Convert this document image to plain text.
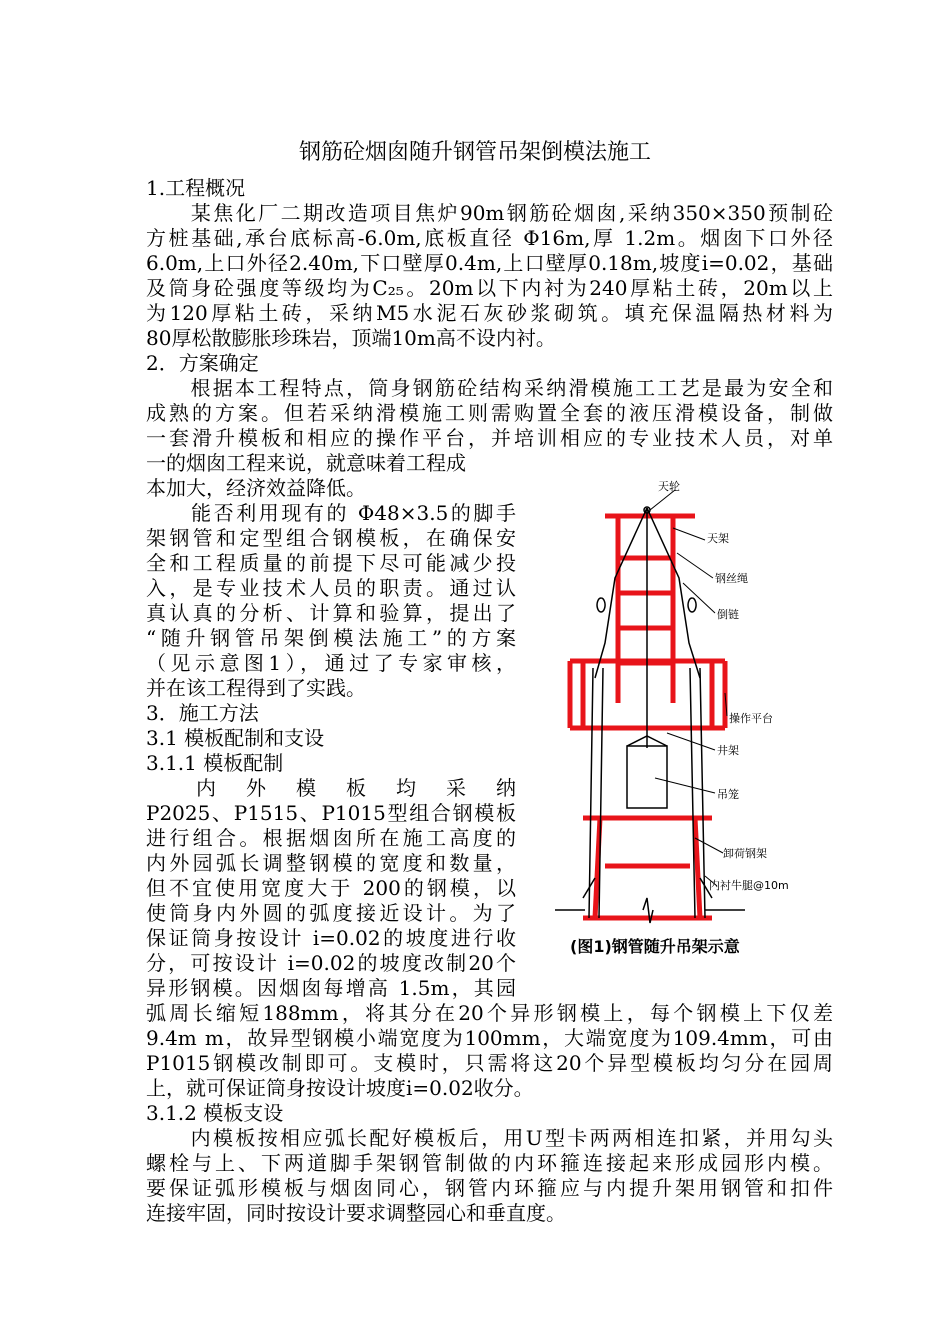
钢筋砼烟囱随升钢管吊架倒模法施工
1.工程概况
　　某焦化厂二期改造项目焦炉90m钢筋砼烟囱,采纳350×350预制砼
方桩基础,承台底标高-6.0m,底板直径 Φ16m,厚 1.2m。烟囱下口外径
6.0m,上口外径2.40m,下口壁厚0.4m,上口壁厚0.18m,坡度i=0.02，基础
及筒身砼强度等级均为C₂₅。20m以下内衬为240厚粘土砖，20m以上
为120厚粘土砖，采纳M5水泥石灰砂浆砌筑。填充保温隔热材料为
80厚松散膨胀珍珠岩，顶端10m高不设内衬。
2．方案确定
　　根据本工程特点，筒身钢筋砼结构采纳滑模施工工艺是最为安全和
成熟的方案。但若采纳滑模施工则需购置全套的液压滑模设备，制做
一套滑升模板和相应的操作平台，并培训相应的专业技术人员，对单
一的烟囱工程来说，就意味着工程成
本加大，经济效益降低。
　　能否利用现有的 Φ48×3.5的脚手
架钢管和定型组合钢模板，在确保安
全和工程质量的前提下尽可能减少投
入，是专业技术人员的职责。通过认
真认真的分析、计算和验算，提出了
“随升钢管吊架倒模法施工”的方案
（见示意图1），通过了专家审核，
并在该工程得到了实践。
3．施工方法
3.1 模板配制和支设
3.1.1 模板配制
　　内　外　模　板　均　采　纳
P2025、P1515、P1015型组合钢模板
进行组合。根据烟囱所在施工高度的
内外园弧长调整钢模的宽度和数量，
但不宜使用宽度大于 200的钢模，以
使筒身内外圆的弧度接近设计。为了
保证筒身按设计 i=0.02的坡度进行收
分，可按设计 i=0.02的坡度改制20个
异形钢模。因烟囱每增高 1.5m，其园
弧周长缩短188mm，将其分在20个异形钢模上，每个钢模上下仅差
9.4m m，故异型钢模小端宽度为100mm，大端宽度为109.4mm，可由
P1015钢模改制即可。支模时，只需将这20个异型模板均匀分在园周
上，就可保证筒身按设计坡度i=0.02收分。
3.1.2 模板支设
　　内模板按相应弧长配好模板后，用U型卡两两相连扣紧，并用勾头
螺栓与上、下两道脚手架钢管制做的内环箍连接起来形成园形内模。
要保证弧形模板与烟囱同心，钢管内环箍应与内提升架用钢管和扣件
连接牢固，同时按设计要求调整园心和垂直度。
天轮
天架
钢丝绳
倒链
操作平台
井架
吊笼
卸荷钢架
内衬牛腿@10m
(图1)钢管随升吊架示意
